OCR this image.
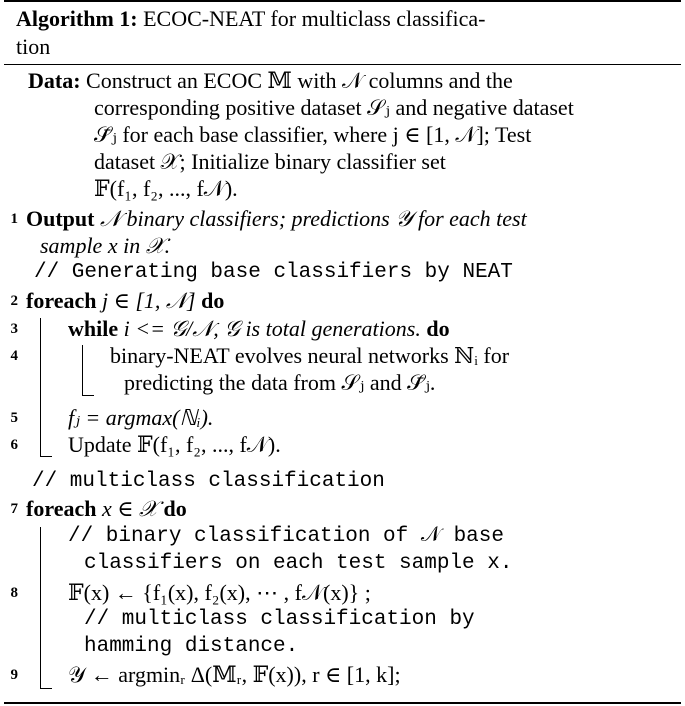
Algorithm 1: ECOC-NEAT for multiclass classifica-
tion
Data: Construct an ECOC 𝕄 with 𝒩 columns and the
corresponding positive dataset 𝒮ⱼ and negative dataset
𝒮̄ⱼ for each base classifier, where j ∈ [1, 𝒩]; Test
dataset 𝒳; Initialize binary classifier set
𝔽(f₁, f₂, ..., f𝒩).
1 Output 𝒩 binary classifiers; predictions 𝒴 for each test
sample x in 𝒳.
// Generating base classifiers by NEAT
2 foreach j ∈ [1, 𝒩] do
3 while i <= 𝒢/𝒩, 𝒢 is total generations. do
4	binary-NEAT evolves neural networks ℕᵢ for
predicting the data from 𝒮ⱼ and 𝒮̄ⱼ.
5 fⱼ = argmax(ℕᵢ).
6 Update 𝔽(f₁, f₂, ..., f𝒩).
// multiclass classification
7 foreach x ∈ 𝒳 do
// binary classification of 𝒩 base
classifiers on each test sample x.
8 𝔽(x) ← {f₁(x), f₂(x), ⋯ , f𝒩(x)} ;
// multiclass classification by
hamming distance.
9 𝒴 ← argminᵣ Δ(𝕄ᵣ, 𝔽(x)), r ∈ [1, k];
